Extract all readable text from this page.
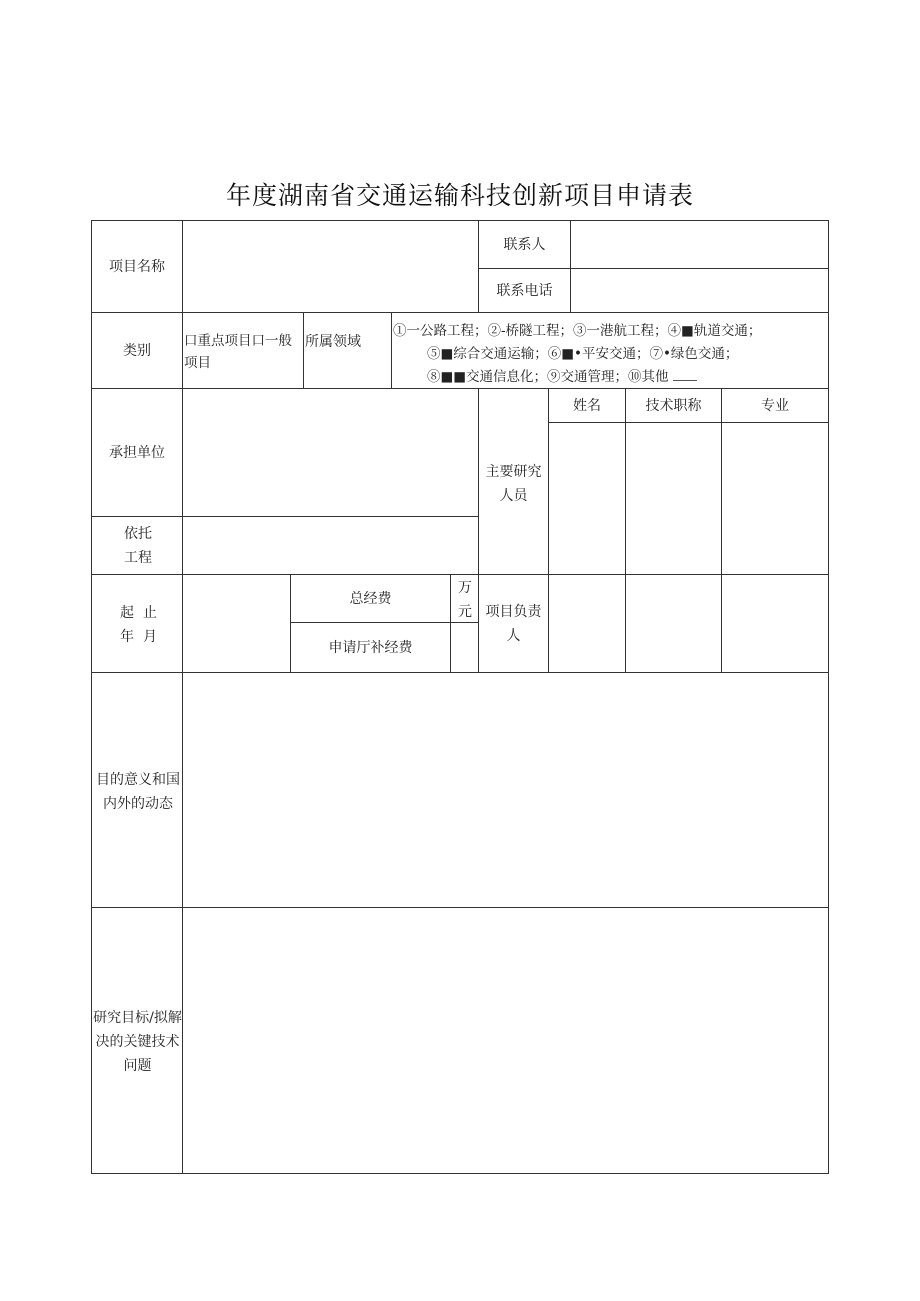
年度湖南省交通运输科技创新项目申请表
项目名称
联系人
联系电话
类别
口重点项目口一般项目
所属领域
①一公路工程；②-桥隧工程；③一港航工程；④■轨道交通；
⑤■综合交通运输；⑥■•平安交通；⑦•绿色交通；
⑧■■交通信息化；⑨交通管理；⑩其他
承担单位
依托工程
主要研究人员
姓名	技术职称	专业
起止年月
总经费
万元
申请厅补经费
项目负责人
目的意义和国内外的动态
研究目标/拟解决的关键技术问题
